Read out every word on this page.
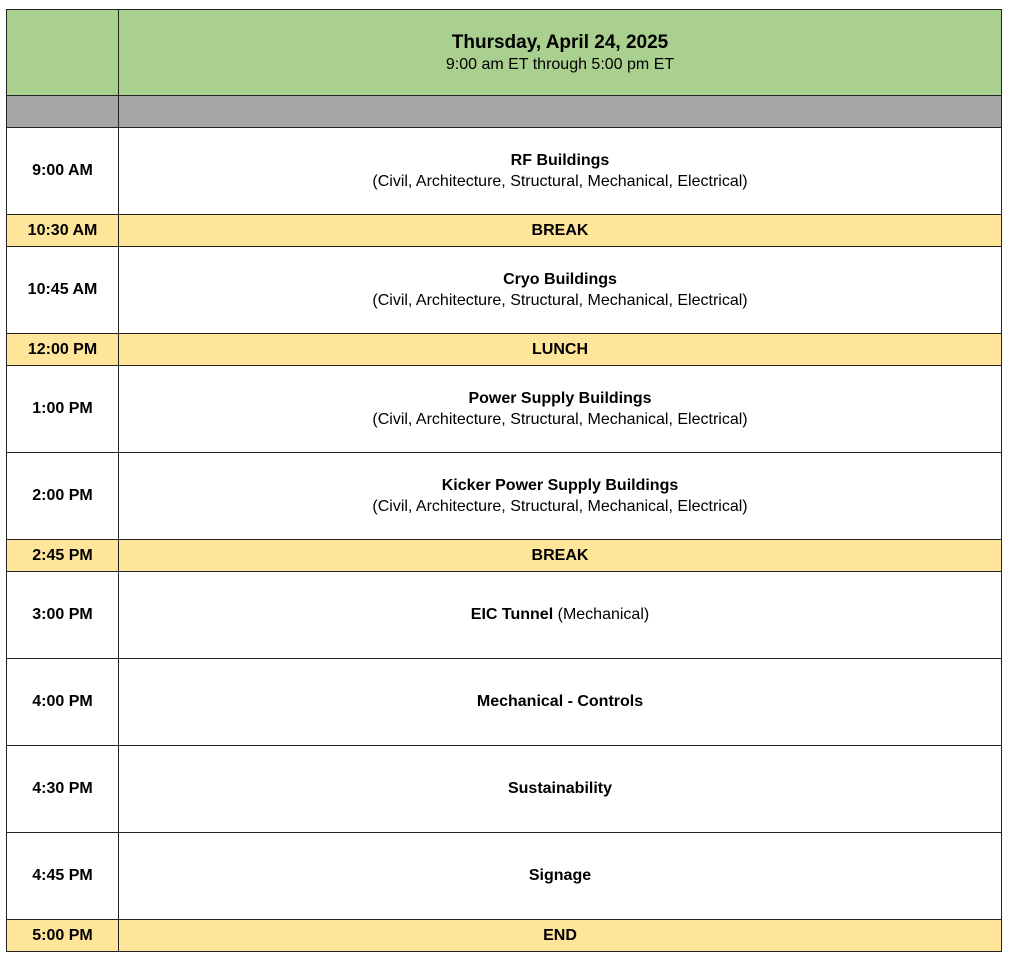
	Thursday, April 24, 2025
9:00 am ET through 5:00 pm ET

9:00 AM	RF Buildings
(Civil, Architecture, Structural, Mechanical, Electrical)

10:30 AM	BREAK
10:45 AM	Cryo Buildings
(Civil, Architecture, Structural, Mechanical, Electrical)

12:00 PM	LUNCH
1:00 PM	Power Supply Buildings
(Civil, Architecture, Structural, Mechanical, Electrical)

2:00 PM	Kicker Power Supply Buildings
(Civil, Architecture, Structural, Mechanical, Electrical)

2:45 PM	BREAK
3:00 PM	EIC Tunnel (Mechanical)
4:00 PM	Mechanical - Controls
4:30 PM	Sustainability
4:45 PM	Signage
5:00 PM	END
